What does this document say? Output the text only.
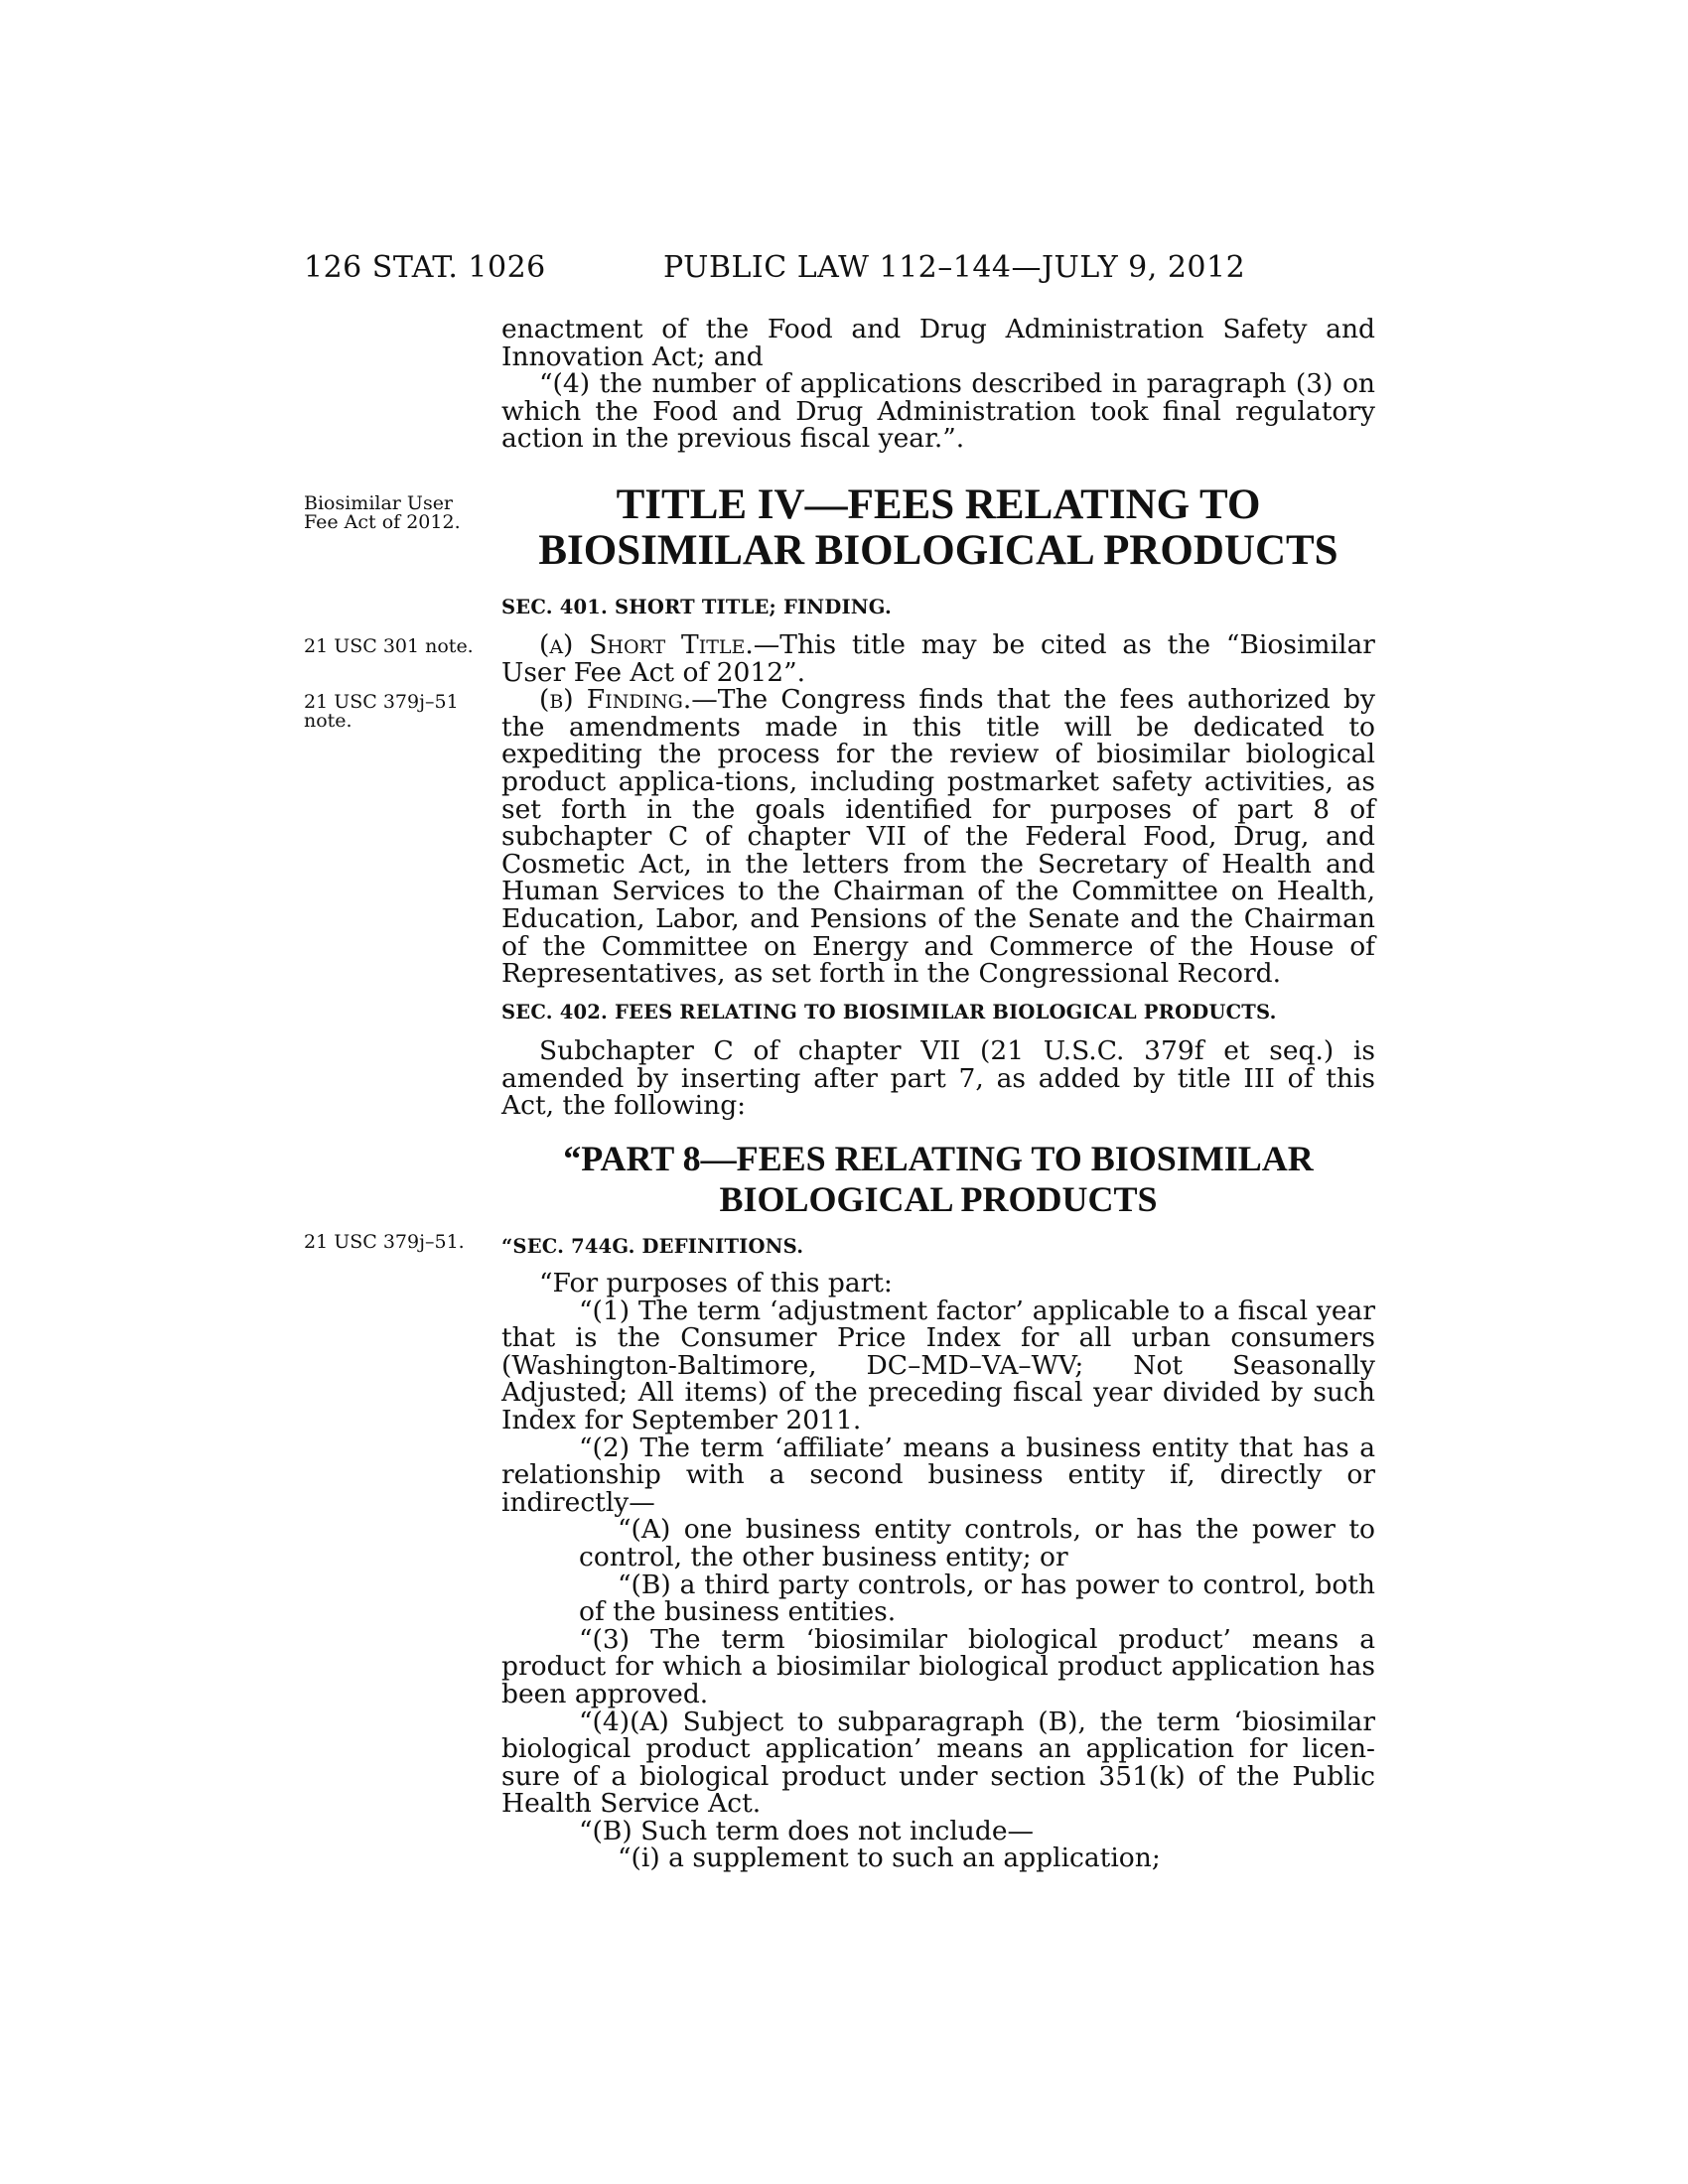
126 STAT. 1026	PUBLIC LAW 112–144—JULY 9, 2012

enactment of the Food and Drug Administration Safety and Innovation Act; and

“(4) the number of applications described in paragraph (3) on which the Food and Drug Administration took final regulatory action in the previous fiscal year.”.

Biosimilar User
Fee Act of 2012.
21 USC 301 note.
21 USC 379j–51
note.
21 USC 379j–51.
TITLE IV—FEES RELATING TO
BIOSIMILAR BIOLOGICAL PRODUCTS
SEC. 401. SHORT TITLE; FINDING.

(a) Short Title.—This title may be cited as the “Biosimilar User Fee Act of 2012”.

(b) Finding.—The Congress finds that the fees authorized by the amendments made in this title will be dedicated to expediting the process for the review of biosimilar biological product applica-tions, including postmarket safety activities, as set forth in the goals identified for purposes of part 8 of subchapter C of chapter VII of the Federal Food, Drug, and Cosmetic Act, in the letters from the Secretary of Health and Human Services to the Chairman of the Committee on Health, Education, Labor, and Pensions of the Senate and the Chairman of the Committee on Energy and Commerce of the House of Representatives, as set forth in the Congressional Record.

SEC. 402. FEES RELATING TO BIOSIMILAR BIOLOGICAL PRODUCTS.

Subchapter C of chapter VII (21 U.S.C. 379f et seq.) is amended by inserting after part 7, as added by title III of this Act, the following:

“PART 8—FEES RELATING TO BIOSIMILAR
BIOLOGICAL PRODUCTS
“SEC. 744G. DEFINITIONS.

“For purposes of this part:

“(1) The term ‘adjustment factor’ applicable to a fiscal year that is the Consumer Price Index for all urban consumers (Washington-Baltimore, DC–MD–VA–WV; Not Seasonally Adjusted; All items) of the preceding fiscal year divided by such Index for September 2011.

“(2) The term ‘affiliate’ means a business entity that has a relationship with a second business entity if, directly or indirectly—

“(A) one business entity controls, or has the power to control, the other business entity; or

“(B) a third party controls, or has power to control, both of the business entities.

“(3) The term ‘biosimilar biological product’ means a product for which a biosimilar biological product application has been approved.

“(4)(A) Subject to subparagraph (B), the term ‘biosimilar biological product application’ means an application for licen-sure of a biological product under section 351(k) of the Public Health Service Act.

“(B) Such term does not include—

“(i) a supplement to such an application;
